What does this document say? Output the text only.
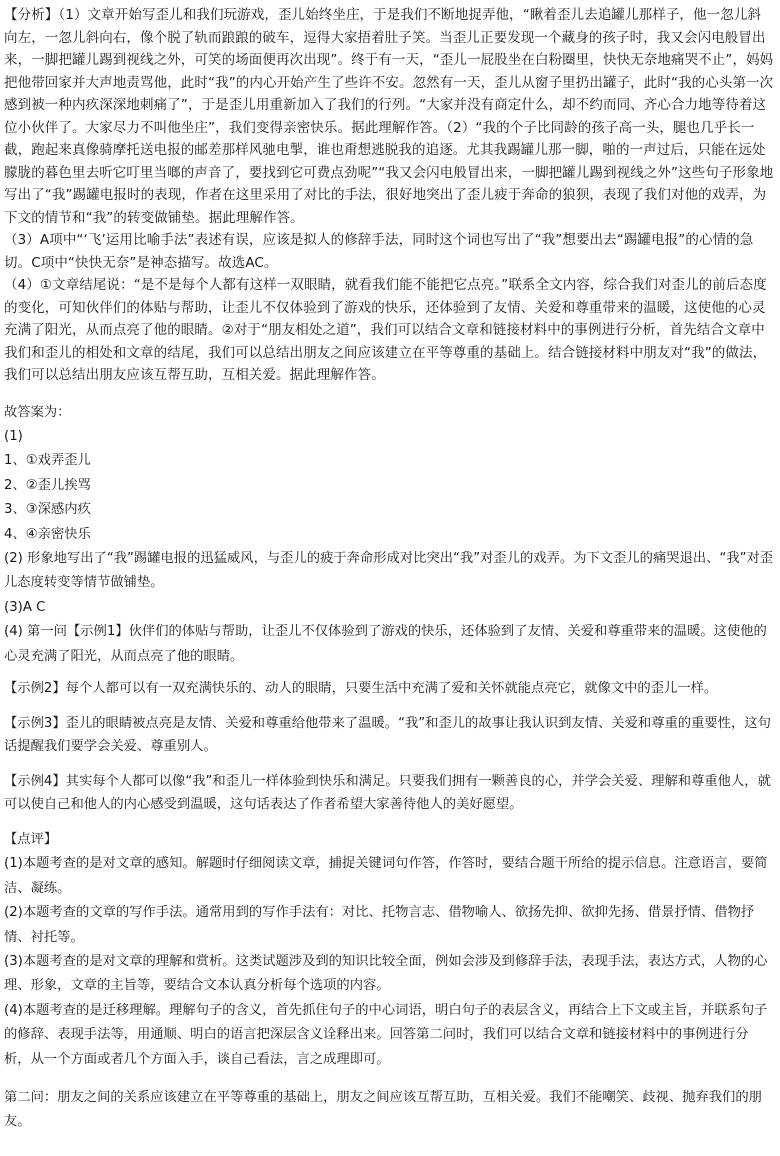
·

【分析】（1）文章开始写歪儿和我们玩游戏，歪儿始终坐庄，于是我们不断地捉弄他，“瞅着歪儿去追罐儿那样子，他一忽儿斜向左，一忽儿斜向右，像个脱了轨而踉踉的破车，逗得大家捂着肚子笑。当歪儿正要发现一个藏身的孩子时，我又会闪电般冒出来，一脚把罐儿踢到视线之外，可笑的场面便再次出现”。终于有一天，“歪儿一屁股坐在白粉圈里，快快无奈地痛哭不止”，妈妈把他带回家并大声地责骂他，此时“我”的内心开始产生了些许不安。忽然有一天，歪儿从窗子里扔出罐子，此时“我的心头第一次感到被一种内疚深深地刺痛了”，于是歪儿用重新加入了我们的行列。“大家并没有商定什么，却不约而同、齐心合力地等待着这位小伙伴了。大家尽力不叫他坐庄”，我们变得亲密快乐。据此理解作答。（2）“我的个子比同龄的孩子高一头，腿也几乎长一截，跑起来真像骑摩托送电报的邮差那样风驰电掣，谁也甭想逃脱我的追逐。尤其我踢罐儿那一脚，啪的一声过后，只能在远处朦胧的暮色里去听它叮里当啷的声音了，要找到它可费点劲呢”“我又会闪电般冒出来，一脚把罐儿踢到视线之外”这些句子形象地写出了“我”踢罐电报时的表现，作者在这里采用了对比的手法，很好地突出了歪儿疲于奔命的狼狈，表现了我们对他的戏弄，为下文的情节和“我”的转变做铺垫。据此理解作答。

（3）A项中“‘飞’运用比喻手法”表述有误，应该是拟人的修辞手法，同时这个词也写出了“我”想要出去“踢罐电报”的心情的急切。C项中“快快无奈”是神态描写。故选AC。

（4）①文章结尾说：“是不是每个人都有这样一双眼睛，就看我们能不能把它点亮。”联系全文内容，综合我们对歪儿的前后态度的变化，可知伙伴们的体贴与帮助，让歪儿不仅体验到了游戏的快乐，还体验到了友情、关爱和尊重带来的温暖，这使他的心灵充满了阳光，从而点亮了他的眼睛。②对于“朋友相处之道”，我们可以结合文章和链接材料中的事例进行分析，首先结合文章中我们和歪儿的相处和文章的结尾，我们可以总结出朋友之间应该建立在平等尊重的基础上。结合链接材料中朋友对“我”的做法，我们可以总结出朋友应该互帮互助，互相关爱。据此理解作答。

故答案为：

(1)

1、①戏弄歪儿

2、②歪儿挨骂

3、③深感内疚

4、④亲密快乐

(2) 形象地写出了“我”踢罐电报的迅猛威风，与歪儿的疲于奔命形成对比突出“我”对歪儿的戏弄。为下文歪儿的痛哭退出、“我”对歪儿态度转变等情节做铺垫。

(3)A C

(4) 第一问【示例1】伙伴们的体贴与帮助，让歪儿不仅体验到了游戏的快乐，还体验到了友情、关爱和尊重带来的温暖。这使他的心灵充满了阳光，从而点亮了他的眼睛。

【示例2】每个人都可以有一双充满快乐的、动人的眼睛，只要生活中充满了爱和关怀就能点亮它，就像文中的歪儿一样。

【示例3】歪儿的眼睛被点亮是友情、关爱和尊重给他带来了温暖。“我”和歪儿的故事让我认识到友情、关爱和尊重的重要性，这句话提醒我们要学会关爱、尊重别人。

【示例4】其实每个人都可以像“我”和歪儿一样体验到快乐和满足。只要我们拥有一颗善良的心，并学会关爱、理解和尊重他人，就可以使自己和他人的内心感受到温暖，这句话表达了作者希望大家善待他人的美好愿望。

【点评】

(1)本题考查的是对文章的感知。解题时仔细阅读文章，捕捉关键词句作答，作答时，要结合题干所给的提示信息。注意语言，要简洁、凝练。

(2)本题考查的文章的写作手法。通常用到的写作手法有：对比、托物言志、借物喻人、欲扬先抑、欲抑先扬、借景抒情、借物抒情、衬托等。

(3)本题考查的是对文章的理解和赏析。这类试题涉及到的知识比较全面，例如会涉及到修辞手法，表现手法，表达方式，人物的心理、形象，文章的主旨等，要结合文本认真分析每个选项的内容。

(4)本题考查的是迁移理解。理解句子的含义，首先抓住句子的中心词语，明白句子的表层含义，再结合上下文或主旨，并联系句子的修辞、表现手法等，用通顺、明白的语言把深层含义诠释出来。回答第二问时，我们可以结合文章和链接材料中的事例进行分析，从一个方面或者几个方面入手，谈自己看法，言之成理即可。

第二问：朋友之间的关系应该建立在平等尊重的基础上，朋友之间应该互帮互助，互相关爱。我们不能嘲笑、歧视、抛弃我们的朋友。
